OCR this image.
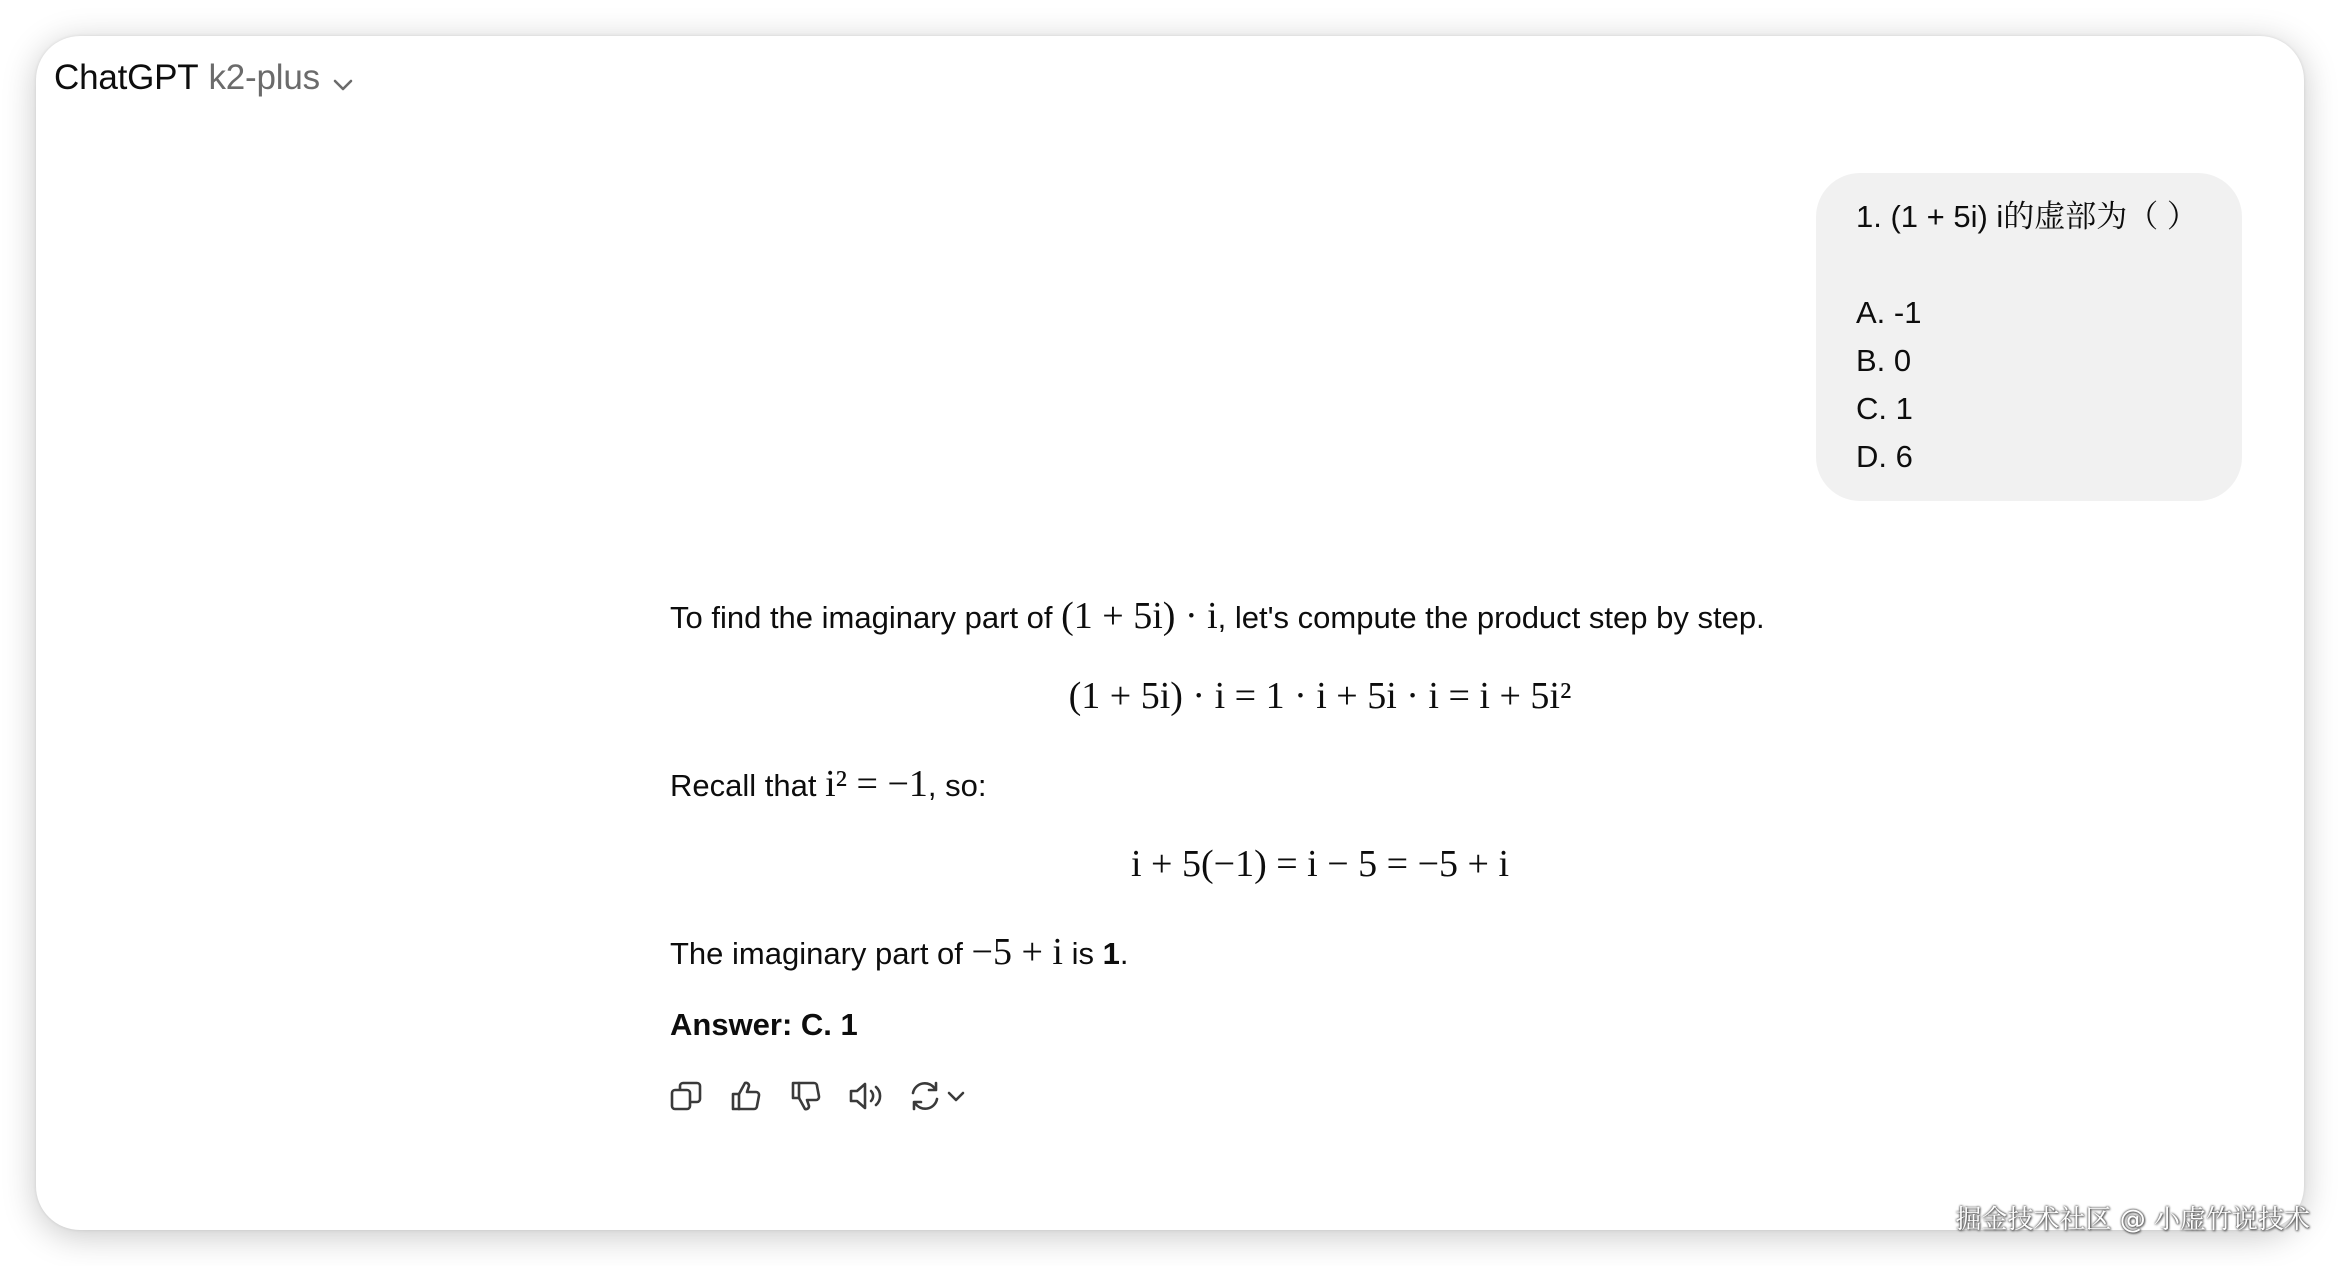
ChatGPT k2-plus
1. (1 + 5i) i的虚部为（ ）
A. -1
B. 0
C. 1
D. 6
To find the imaginary part of (1 + 5i) · i, let's compute the product step by step.
(1 + 5i) · i = 1 · i + 5i · i = i + 5i²
Recall that i² = −1, so:
i + 5(−1) = i − 5 = −5 + i
The imaginary part of −5 + i is 1.
Answer: C. 1
掘金技术社区 @ 小虚竹说技术
